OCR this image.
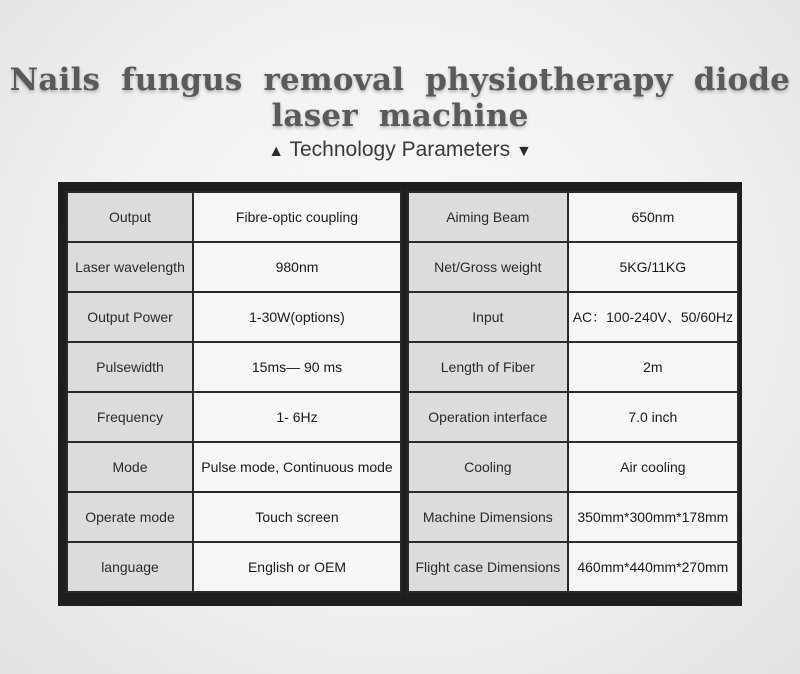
Nails fungus removal physiotherapy diode laser machine
▲ Technology Parameters ▼
Output	Fibre-optic coupling
Laser wavelength	980nm
Output Power	1-30W(options)
Pulsewidth	15ms— 90 ms
Frequency	1- 6Hz
Mode	Pulse mode, Continuous mode
Operate mode	Touch screen
language	English or OEM
Aiming Beam	650nm
Net/Gross weight	5KG/11KG
Input	AC：100-240V、50/60Hz
Length of Fiber	2m
Operation interface	7.0 inch
Cooling	Air cooling
Machine Dimensions	350mm*300mm*178mm
Flight case Dimensions	460mm*440mm*270mm
